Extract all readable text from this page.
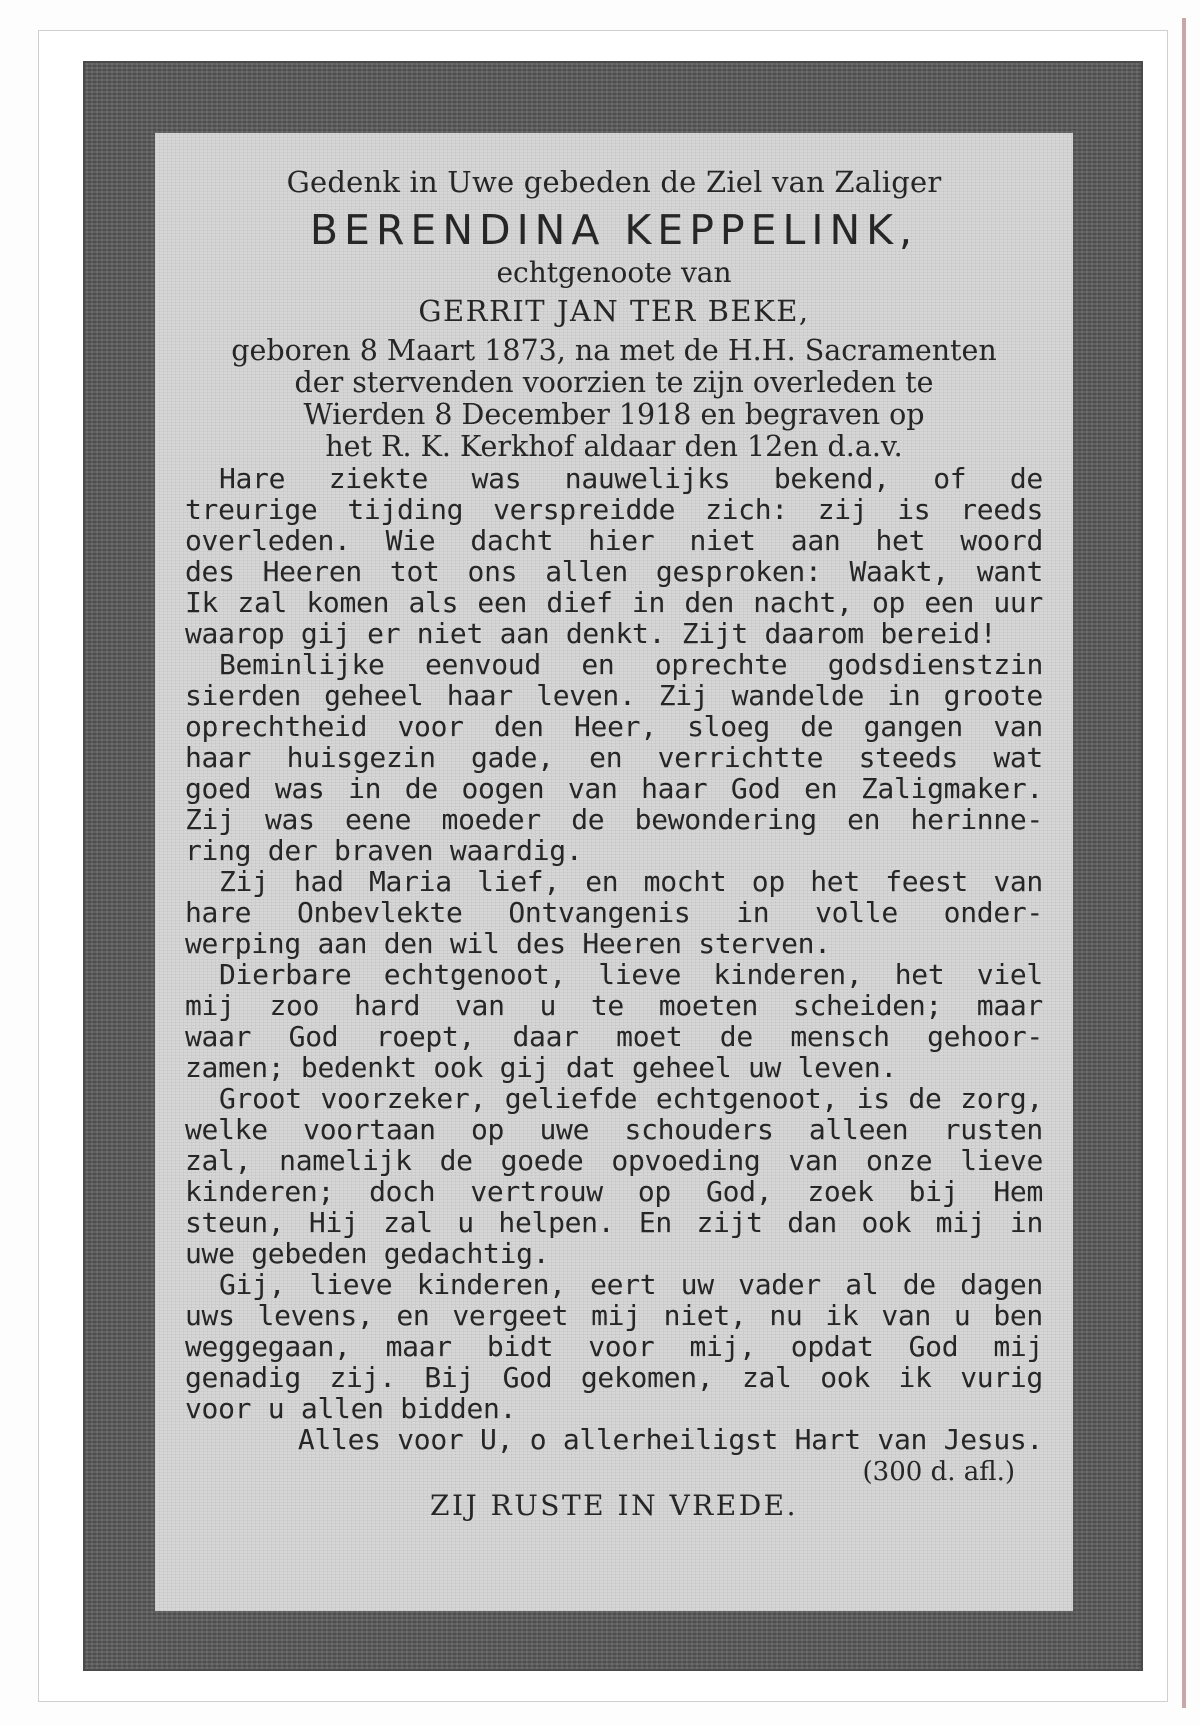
Gedenk in Uwe gebeden de Ziel van Zaliger

BERENDINA KEPPELINK,

echtgenoote van

GERRIT JAN TER BEKE,

geboren 8 Maart 1873, na met de H.H. Sacramenten
der stervenden voorzien te zijn overleden te
Wierden 8 December 1918 en begraven op
het R. K. Kerkhof aldaar den 12en d.a.v.
Hare ziekte was nauwelijks bekend, of de
treurige tijding verspreidde zich: zij is reeds
overleden. Wie dacht hier niet aan het woord
des Heeren tot ons allen gesproken: Waakt, want
Ik zal komen als een dief in den nacht, op een uur
waarop gij er niet aan denkt. Zijt daarom bereid!
Beminlijke eenvoud en oprechte godsdienstzin
sierden geheel haar leven. Zij wandelde in groote
oprechtheid voor den Heer, sloeg de gangen van
haar huisgezin gade, en verrichtte steeds wat
goed was in de oogen van haar God en Zaligmaker.
Zij was eene moeder de bewondering en herinne-
ring der braven waardig.
Zij had Maria lief, en mocht op het feest van
hare Onbevlekte Ontvangenis in volle onder-
werping aan den wil des Heeren sterven.
Dierbare echtgenoot, lieve kinderen, het viel
mij zoo hard van u te moeten scheiden; maar
waar God roept, daar moet de mensch gehoor-
zamen; bedenkt ook gij dat geheel uw leven.
Groot voorzeker, geliefde echtgenoot, is de zorg,
welke voortaan op uwe schouders alleen rusten
zal, namelijk de goede opvoeding van onze lieve
kinderen; doch vertrouw op God, zoek bij Hem
steun, Hij zal u helpen. En zijt dan ook mij in
uwe gebeden gedachtig.
Gij, lieve kinderen, eert uw vader al de dagen
uws levens, en vergeet mij niet, nu ik van u ben
weggegaan, maar bidt voor mij, opdat God mij
genadig zij. Bij God gekomen, zal ook ik vurig
voor u allen bidden.

Alles voor U, o allerheiligst Hart van Jesus.

(300 d. afl.)

ZIJ RUSTE IN VREDE.
